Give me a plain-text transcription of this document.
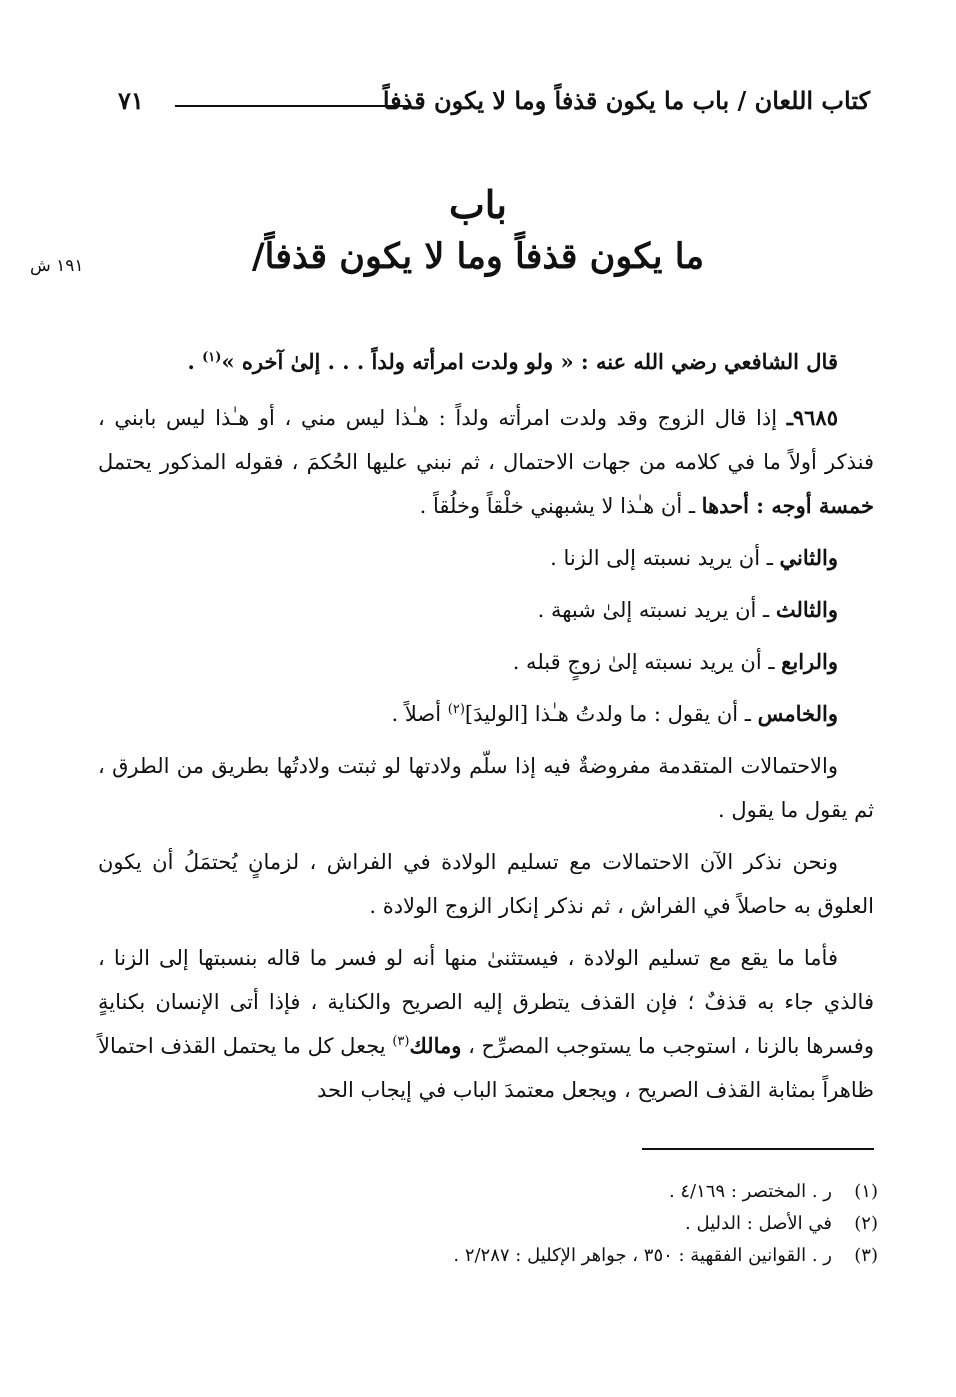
كتاب اللعان / باب ما يكون قذفاً وما لا يكون قذفاً
٧١
باب
ما يكون قذفاً وما لا يكون قذفاً/
١٩١ ش

قال الشافعي رضي الله عنه : « ولو ولدت امرأته ولداً . . . إلىٰ آخره »$^{(١)}$ .

٩٦٨٥ـ إذا قال الزوج وقد ولدت امرأته ولداً : هـٰذا ليس مني ، أو هـٰذا ليس بابني ، فنذكر أولاً ما في كلامه من جهات الاحتمال ، ثم نبني عليها الحُكمَ ، فقوله المذكور يحتمل خمسة أوجه : أحدها ـ أن هـٰذا لا يشبهني خلْقاً وخلُقاً .

والثاني ـ أن يريد نسبته إلى الزنا .

والثالث ـ أن يريد نسبته إلىٰ شبهة .

والرابع ـ أن يريد نسبته إلىٰ زوجٍ قبله .

والخامس ـ أن يقول : ما ولدتُ هـٰذا [الوليدَ]$^{(٢)}$ أصلاً .

والاحتمالات المتقدمة مفروضةٌ فيه إذا سلّم ولادتها لو ثبتت ولادتُها بطريق من الطرق ، ثم يقول ما يقول .

ونحن نذكر الآن الاحتمالات مع تسليم الولادة في الفراش ، لزمانٍ يُحتمَلُ أن يكون العلوق به حاصلاً في الفراش ، ثم نذكر إنكار الزوج الولادة .

فأما ما يقع مع تسليم الولادة ، فيستثنىٰ منها أنه لو فسر ما قاله بنسبتها إلى الزنا ، فالذي جاء به قذفٌ ؛ فإن القذف يتطرق إليه الصريح والكناية ، فإذا أتى الإنسان بكنايةٍ وفسرها بالزنا ، استوجب ما يستوجب المصرِّح ، ومالك$^{(٣)}$ يجعل كل ما يحتمل القذف احتمالاً ظاهراً بمثابة القذف الصريح ، ويجعل معتمدَ الباب في إيجاب الحد

(١)ر . المختصر : ٤/١٦٩ .
(٢)في الأصل : الدليل .
(٣)ر . القوانين الفقهية : ٣٥٠ ، جواهر الإكليل : ٢/٢٨٧ .
